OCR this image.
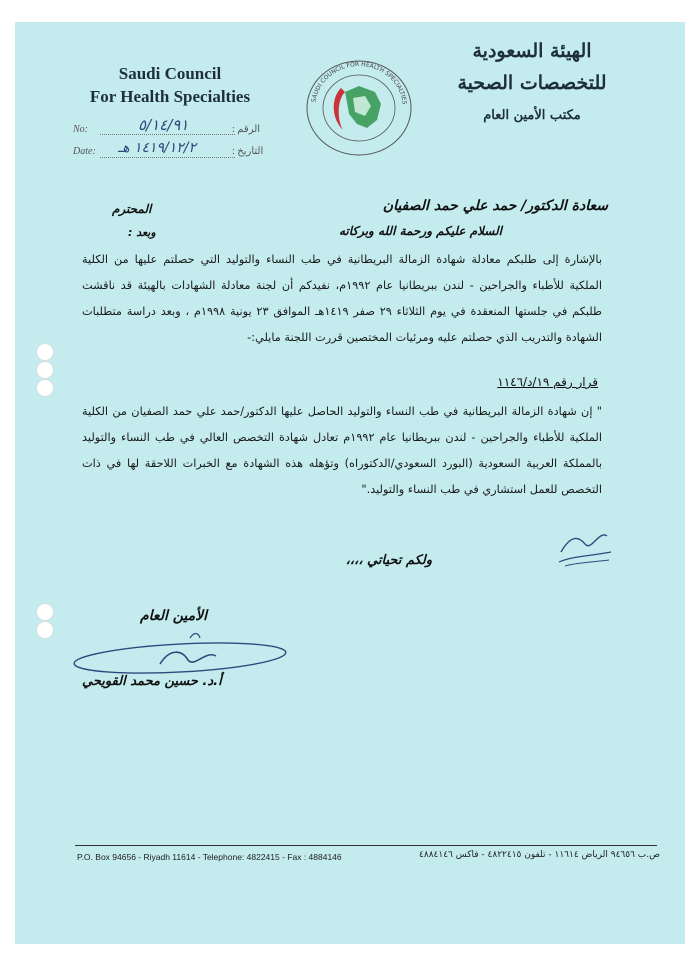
Saudi Council
For Health Specialties
الهيئة السعودية
للتخصصات الصحية
مكتب الأمين العام
SAUDI COUNCIL FOR HEALTH SPECIALTIES
No:	٥/١٤/٩١	الرقم :
Date: ١٤١٩/١٢/٢ هـ	التاريخ :
سعادة الدكتور/ حمد علي حمد الصفيان
المحترم
السلام عليكم ورحمة الله وبركاته
وبعد :
بالإشارة إلى طلبكم معادلة شهادة الزمالة البريطانية في طب النساء والتوليد التي حصلتم عليها من الكلية الملكية للأطباء والجراحين - لندن ببريطانيا عام ١٩٩٢م، نفيدكم أن لجنة معادلة الشهادات بالهيئة قد ناقشت طلبكم في جلستها المنعقدة في يوم الثلاثاء ٢٩ صفر ١٤١٩هـ الموافق ٢٣ يونية ١٩٩٨م ، وبعد دراسة متطلبات الشهادة والتدريب الذي حصلتم عليه ومرئيات المختصين قررت اللجنة مايلي:-
قرار رقم ١٩/د/١١٤٦
" إن شهادة الزمالة البريطانية في طب النساء والتوليد الحاصل عليها الدكتور/حمد علي حمد الصفيان من الكلية الملكية للأطباء والجراحين - لندن ببريطانيا عام ١٩٩٢م تعادل شهادة التخصص العالي في طب النساء والتوليد بالمملكة العربية السعودية (البورد السعودي/الدكتوراه) وتؤهله هذه الشهادة مع الخبرات اللاحقة لها في ذات التخصص للعمل استشاري في طب النساء والتوليد."
ولكم تحياتي ،،،،
الأمين العام
أ.د. حسين محمد القويحي
P.O. Box 94656 - Riyadh 11614 - Telephone: 4822415 - Fax : 4884146	ص.ب ٩٤٦٥٦ الرياض ١١٦١٤ - تلفون ٤٨٢٢٤١٥ - فاكس ٤٨٨٤١٤٦
